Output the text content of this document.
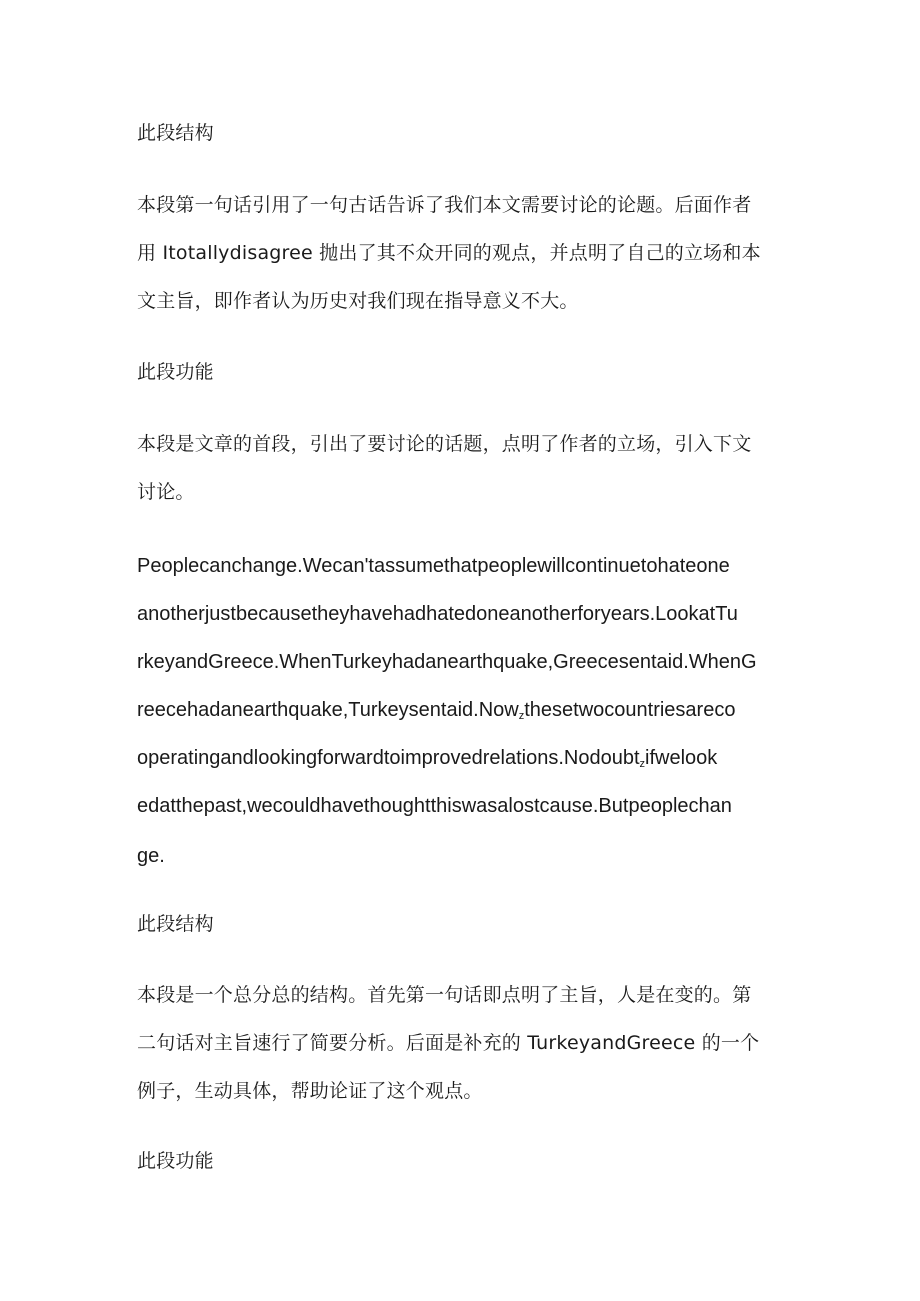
此段结构
本段第一句话引用了一句古话告诉了我们本文需要讨论的论题。后面作者
用 Itotallydisagree 抛出了其不众开同的观点，并点明了自己的立场和本
文主旨，即作者认为历史对我们现在指导意义不大。
此段功能
本段是文章的首段，引出了要讨论的话题，点明了作者的立场，引入下文
讨论。
Peoplecanchange.Wecan'tassumethatpeoplewillcontinuetohateone
anotherjustbecausetheyhavehadhatedoneanotherforyears.LookatTu
rkeyandGreece.WhenTurkeyhadanearthquake,Greecesentaid.WhenG
reecehadanearthquake,Turkeysentaid.Now$_z$thesetwocountriesareco
operatingandlookingforwardtoimprovedrelations.Nodoubt$_z$ifwelook
edatthepast,wecouldhavethoughtthiswasalostcause.Butpeoplechan
ge.
此段结构
本段是一个总分总的结构。首先第一句话即点明了主旨，人是在变的。第
二句话对主旨速行了简要分析。后面是补充的 TurkeyandGreece 的一个
例子，生动具体，帮助论证了这个观点。
此段功能
